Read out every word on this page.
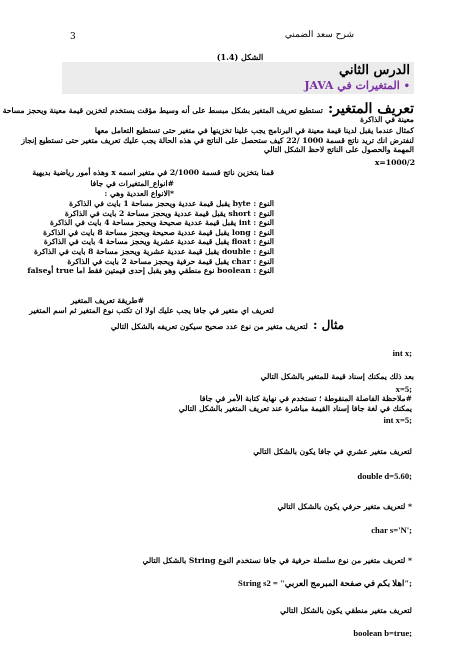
3	شرح سعد الضمني
الشكل (1.4)
الدرس الثاني
• المتغيرات في JAVA
تعريف المتغير: تستطيع تعريف المتغير بشكل مبسط على أنه وسيط مؤقت يستخدم لتخزين قيمة معينة ويحجز مساحة
معينة في الذاكرة
كمثال عندما يقبل لدينا قيمة معينة في البرنامج يجب علينا تخزينها في متغير حتى تستطيع التعامل معها
لنفترض انك تريد ناتج قسمة 1000 /22 كيف ستحصل على الناتج في هذه الحالة يجب عليك تعريف متغير حتى تستطيع إنجاز
المهمة والحصول على الناتج لاحظ الشكل التالي
x=1000/2
قمنا بتخزين ناتج قسمة 2/1000 في متغير اسمه x وهذه أمور رياضية بديهية
#انواع_المتغيرات في جافا
*الانواع العددية وهي :
النوع : byte يقبل قيمة عددية ويحجز مساحة 1 بايت في الذاكرة
النوع : short يقبل قيمة عددية ويحجز مساحة 2 بايت في الذاكرة
النوع : int يقبل قيمة عددية صحيحة ويحجز مساحة 4 بايت في الذاكرة
النوع : long يقبل قيمة عددية صحيحة ويحجز مساحة 8 بايت في الذاكرة
النوع : float يقبل قيمة عددية عشرية ويحجز مساحة 4 بايت في الذاكرة
النوع : double يقبل قيمة عددية عشرية ويحجز مساحة 8 بايت في الذاكرة
النوع : char يقبل قيمة حرفية ويحجز مساحة 2 بايت في الذاكرة
النوع : boolean نوع منطقي وهو يقبل إحدى قيمتين فقط اما true أوfalse
#طريقة تعريف المتغير
لتعريف اي متغير في جافا يجب عليك اولا ان تكتب نوع المتغير ثم اسم المتغير
مثال : لتعريف متغير من نوع عدد صحيح سيكون تعريفه بالشكل التالي
int x;
بعد ذلك يمكنك إسناد قيمة للمتغير بالشكل التالي
x=5;
#ملاحظة الفاصلة المنقوطة ؛ تستخدم في نهاية كتابة الأمر في جافا
يمكنك في لغة جافا إسناد القيمة مباشرة عند تعريف المتغير بالشكل التالي
int x=5;
لتعريف متغير عشري في جافا يكون بالشكل التالي
double d=5.60;
* لتعريف متغير حرفي يكون بالشكل التالي
char s='N';
* لتعريف متغير من نوع سلسلة حرفية في جافا نستخدم النوع String بالشكل التالي
String s2 = "اهلا بكم في صفحة المبرمج العربي";
لتعريف متغير منطقي يكون بالشكل التالي
boolean b=true;
